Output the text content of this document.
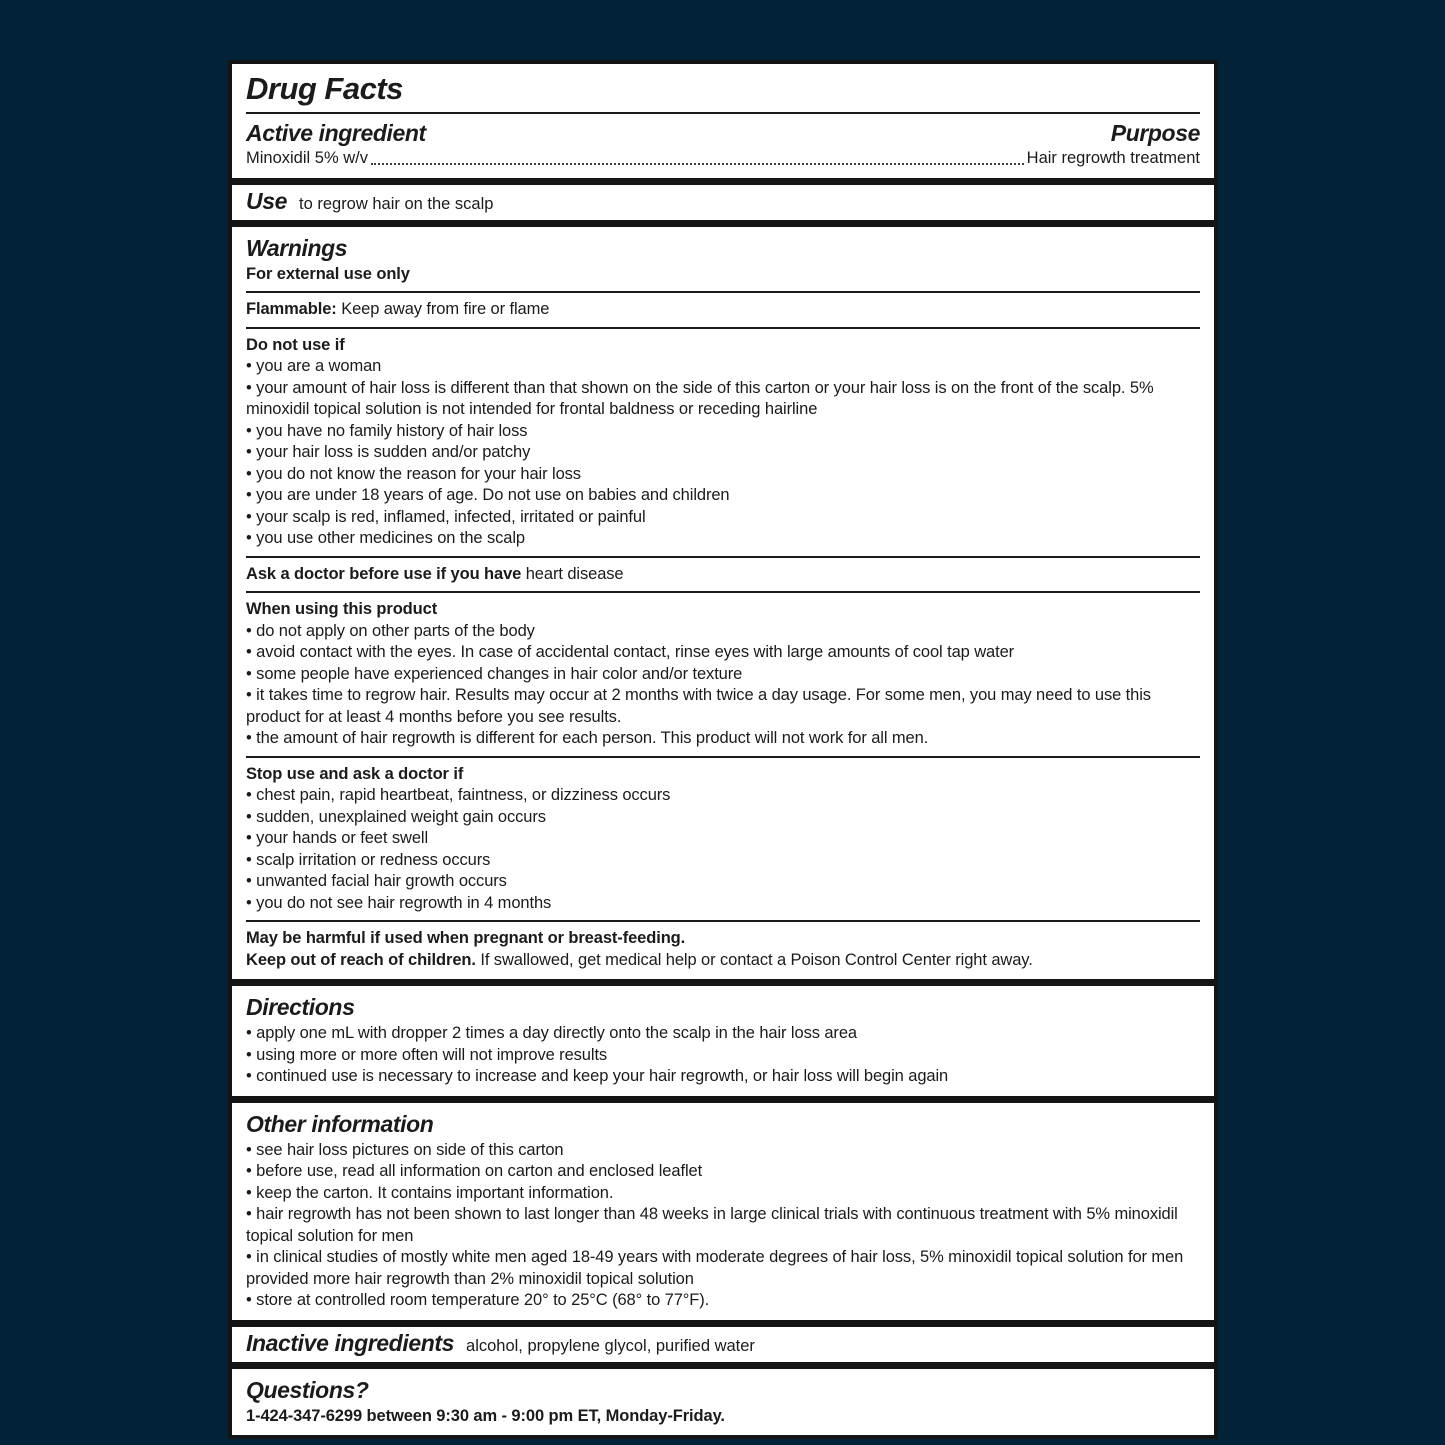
Drug Facts
Active ingredient	Purpose
Minoxidil 5% w/v	Hair regrowth treatment
Use to regrow hair on the scalp
Warnings

For external use only

Flammable: Keep away from fire or flame

Do not use if

• you are a woman

• your amount of hair loss is different than that shown on the side of this carton or your hair loss is on the front of the scalp. 5% minoxidil topical solution is not intended for frontal baldness or receding hairline

• you have no family history of hair loss

• your hair loss is sudden and/or patchy

• you do not know the reason for your hair loss

• you are under 18 years of age. Do not use on babies and children

• your scalp is red, inflamed, infected, irritated or painful

• you use other medicines on the scalp

Ask a doctor before use if you have heart disease

When using this product

• do not apply on other parts of the body

• avoid contact with the eyes. In case of accidental contact, rinse eyes with large amounts of cool tap water

• some people have experienced changes in hair color and/or texture

• it takes time to regrow hair. Results may occur at 2 months with twice a day usage. For some men, you may need to use this product for at least 4 months before you see results.

• the amount of hair regrowth is different for each person. This product will not work for all men.

Stop use and ask a doctor if

• chest pain, rapid heartbeat, faintness, or dizziness occurs

• sudden, unexplained weight gain occurs

• your hands or feet swell

• scalp irritation or redness occurs

• unwanted facial hair growth occurs

• you do not see hair regrowth in 4 months

May be harmful if used when pregnant or breast-feeding.

Keep out of reach of children. If swallowed, get medical help or contact a Poison Control Center right away.

Directions

• apply one mL with dropper 2 times a day directly onto the scalp in the hair loss area

• using more or more often will not improve results

• continued use is necessary to increase and keep your hair regrowth, or hair loss will begin again

Other information

• see hair loss pictures on side of this carton

• before use, read all information on carton and enclosed leaflet

• keep the carton. It contains important information.

• hair regrowth has not been shown to last longer than 48 weeks in large clinical trials with continuous treatment with 5% minoxidil topical solution for men

• in clinical studies of mostly white men aged 18-49 years with moderate degrees of hair loss, 5% minoxidil topical solution for men provided more hair regrowth than 2% minoxidil topical solution

• store at controlled room temperature 20° to 25°C (68° to 77°F).

Inactive ingredients alcohol, propylene glycol, purified water
Questions?

1-424-347-6299 between 9:30 am - 9:00 pm ET, Monday-Friday.
